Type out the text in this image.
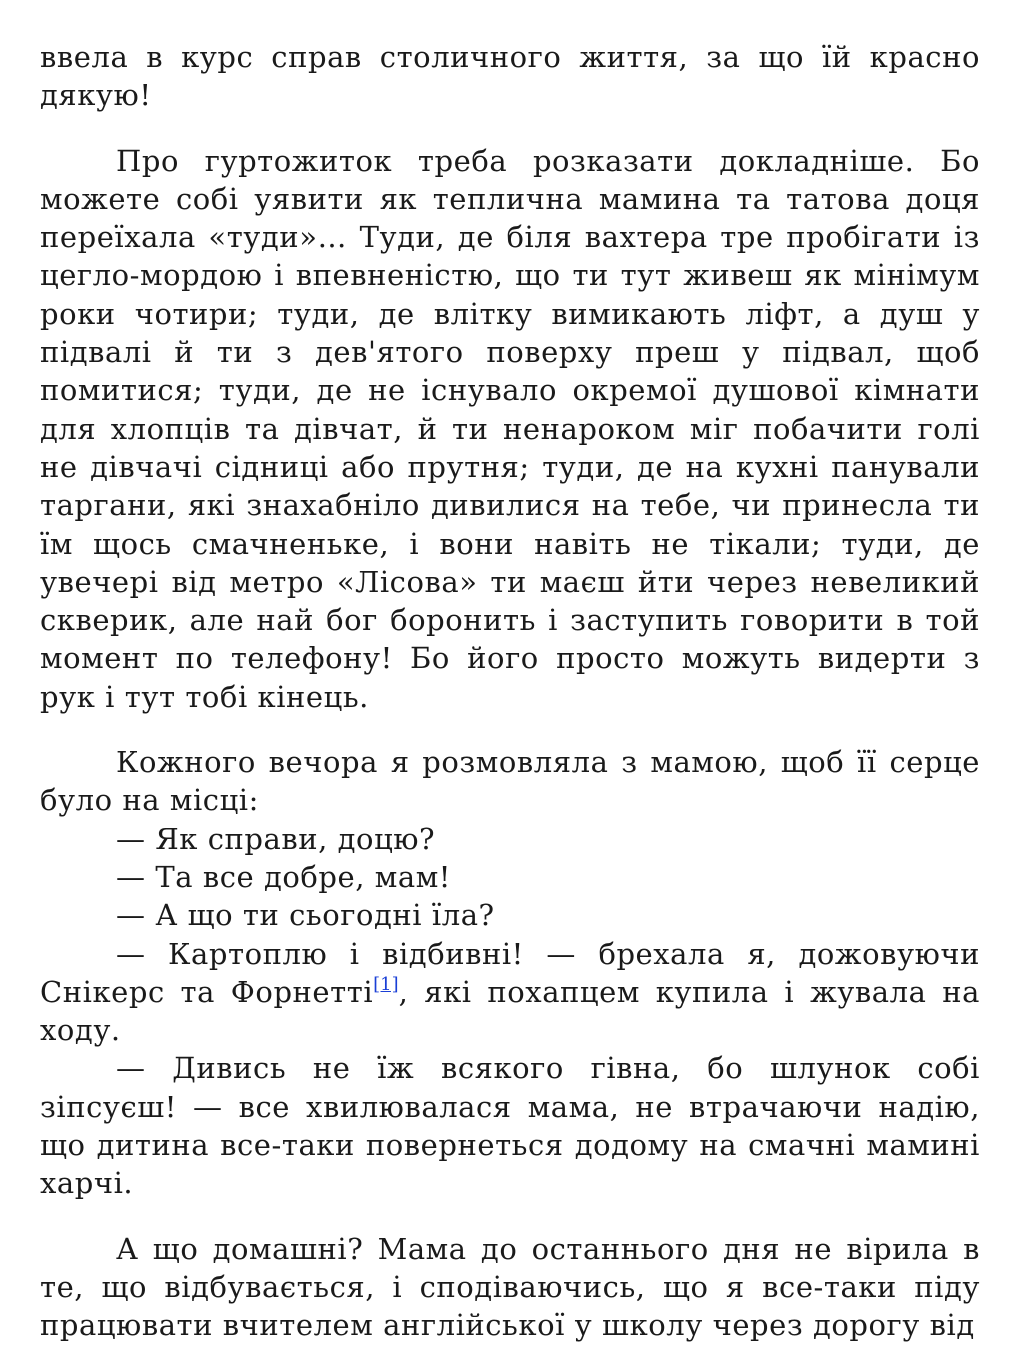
ввела в курс справ столичного життя, за що їй красно дякую!

Про гуртожиток треба розказати докладніше. Бо можете собі уявити як теплична мамина та татова доця переїхала «туди»… Туди, де біля вахтера тре пробігати із цегло-мордою і впевненістю, що ти тут живеш як мінімум роки чотири; туди, де влітку вимикають ліфт, а душ у підвалі й ти з дев'ятого поверху преш у підвал, щоб помитися; туди, де не існувало окремої душової кімнати для хлопців та дівчат, й ти ненароком міг побачити голі не дівчачі сідниці або прутня; туди, де на кухні панували таргани, які знахабніло дивилися на тебе, чи принесла ти їм щось смачненьке, і вони навіть не тікали; туди, де увечері від метро «Лісова» ти маєш йти через невеликий скверик, але най бог боронить і заступить говорити в той момент по телефону! Бо його просто можуть видерти з рук і тут тобі кінець.

Кожного вечора я розмовляла з мамою, щоб її серце було на місці:

— Як справи, доцю?

— Та все добре, мам!

— А що ти сьогодні їла?

— Картоплю і відбивні! — брехала я, дожовуючи Снікерс та Форнетті[1], які похапцем купила і жувала на ходу.

— Дивись не їж всякого гівна, бо шлунок собі зіпсуєш! — все хвилювалася мама, не втрачаючи надію, що дитина все-таки повернеться додому на смачні мамині харчі.

А що домашні? Мама до останнього дня не вірила в те, що відбувається, і сподіваючись, що я все-таки піду працювати вчителем англійської у школу через дорогу від
